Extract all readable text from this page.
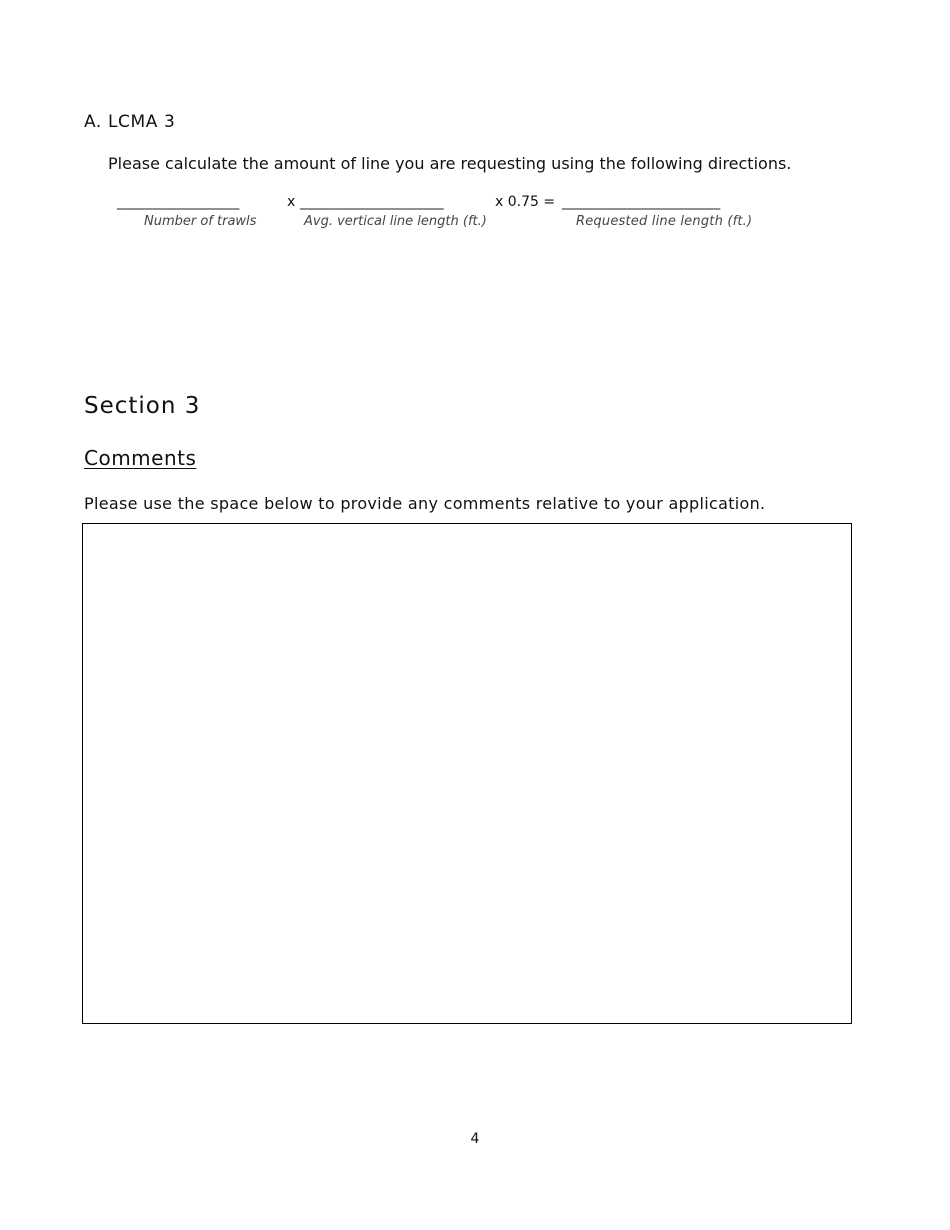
A. LCMA 3
Please calculate the amount of line you are requesting using the following directions.
_________________	x ____________________	x 0.75 = ______________________
Number of trawls	Avg. vertical line length (ft.)	Requested line length (ft.)
Section 3
Comments
Please use the space below to provide any comments relative to your application.
4
